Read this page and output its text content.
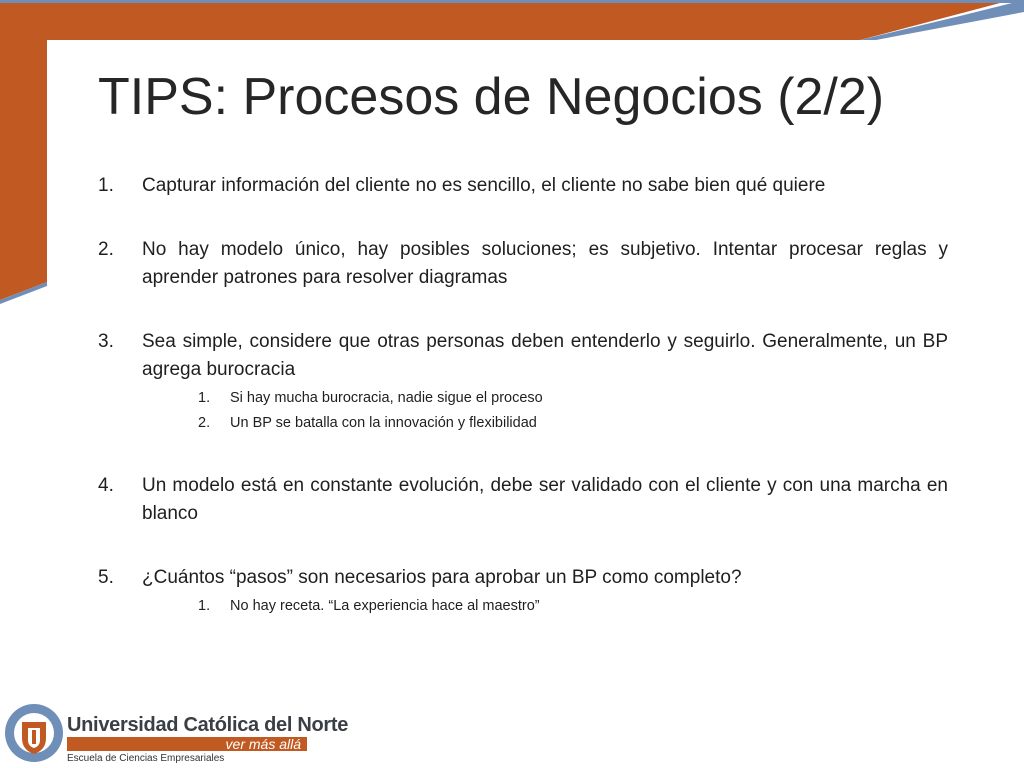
TIPS: Procesos de Negocios (2/2)
1. Capturar información del cliente no es sencillo, el cliente no sabe bien qué quiere
2. No hay modelo único, hay posibles soluciones; es subjetivo. Intentar procesar reglas y aprender patrones para resolver diagramas
3. Sea simple, considere que otras personas deben entenderlo y seguirlo. Generalmente, un BP agrega burocracia
1. Si hay mucha burocracia, nadie sigue el proceso
2. Un BP se batalla con la innovación y flexibilidad
4. Un modelo está en constante evolución, debe ser validado con el cliente y con una marcha en blanco
5. ¿Cuántos “pasos” son necesarios para aprobar un BP como completo?
1. No hay receta. “La experiencia hace al maestro”
Universidad Católica del Norte
ver más allá
Escuela de Ciencias Empresariales
